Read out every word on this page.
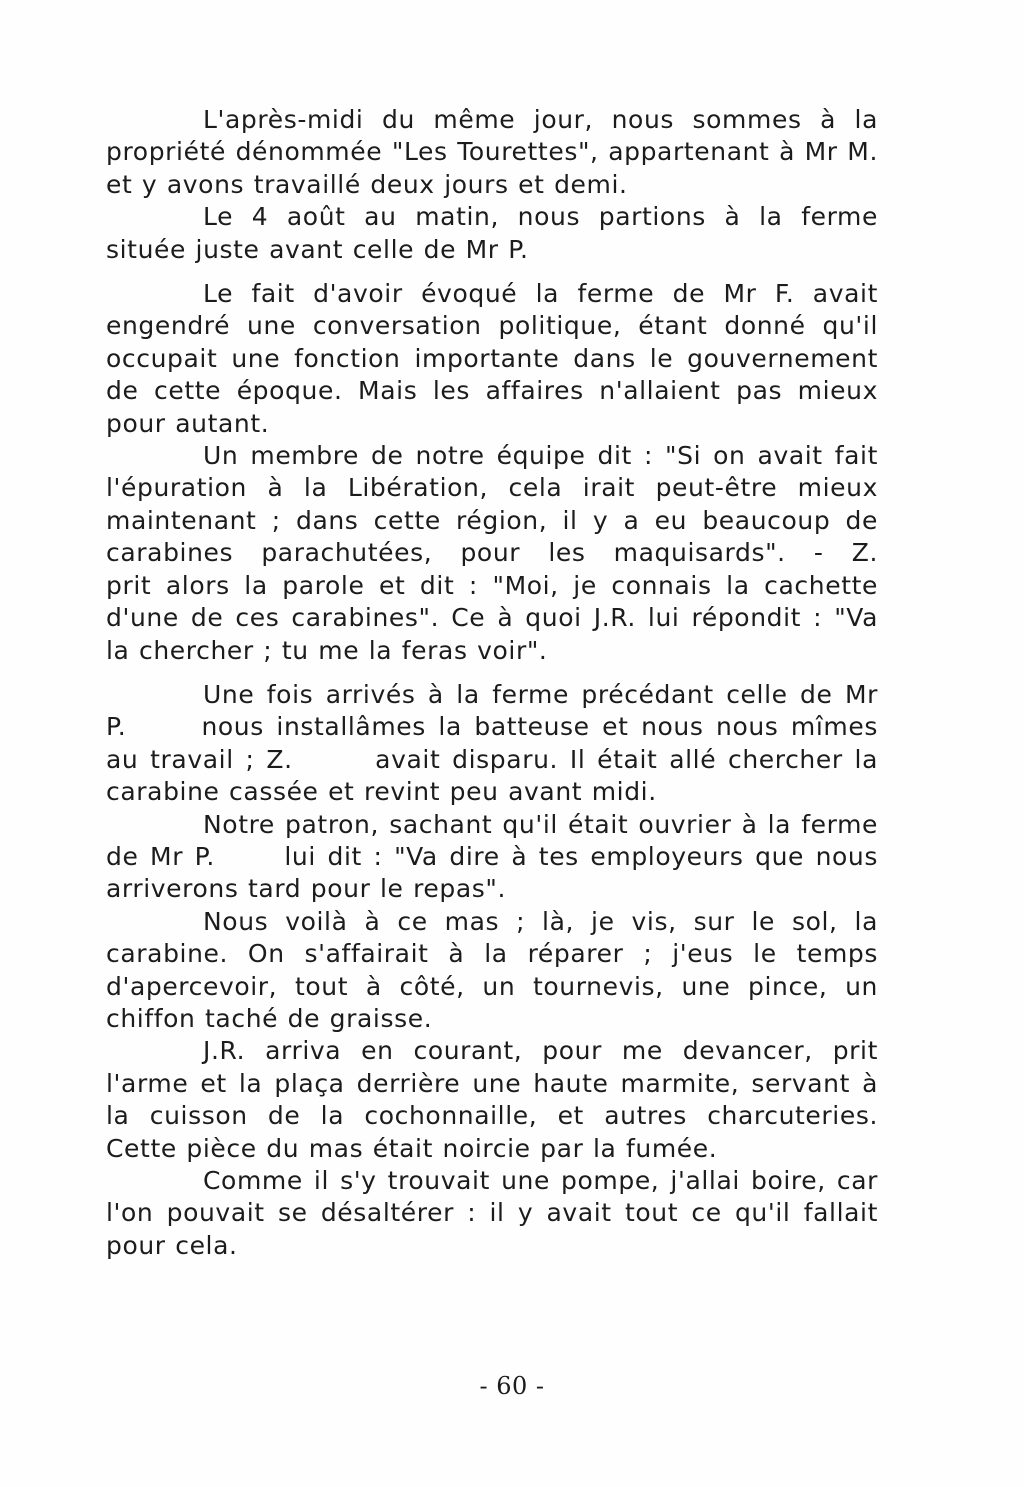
L'après-midi du même jour, nous sommes à la propriété dénommée "Les Tourettes", appartenant à Mr M.       et y avons travaillé deux jours et demi.

Le 4 août au matin, nous partions à la ferme située juste avant celle de Mr P.

Le fait d'avoir évoqué la ferme de Mr F. avait engendré une conversation politique, étant donné qu'il occupait une fonction importante dans le gouvernement de cette époque. Mais les affaires n'allaient pas mieux pour autant.

Un membre de notre équipe dit : "Si on avait fait l'épuration à la Libération, cela irait peut-être mieux maintenant ; dans cette région, il y a eu beaucoup de carabines parachutées, pour les maquisards". - Z.       prit alors la parole et dit : "Moi, je connais la cachette d'une de ces carabines". Ce à quoi J.R. lui répondit : "Va la chercher ; tu me la feras voir".

Une fois arrivés à la ferme précédant celle de Mr P.      nous installâmes la batteuse et nous nous mîmes au travail ; Z.       avait disparu. Il était allé chercher la carabine cassée et revint peu avant midi.

Notre patron, sachant qu'il était ouvrier à la ferme de Mr P.      lui dit : "Va dire à tes employeurs que nous arriverons tard pour le repas".

Nous voilà à ce mas ; là, je vis, sur le sol, la carabine. On s'affairait à la réparer ; j'eus le temps d'apercevoir, tout à côté, un tournevis, une pince, un chiffon taché de graisse.

J.R. arriva en courant, pour me devancer, prit l'arme et la plaça derrière une haute marmite, servant à la cuisson de la cochonnaille, et autres charcuteries. Cette pièce du mas était noircie par la fumée.

Comme il s'y trouvait une pompe, j'allai boire, car l'on pouvait se désaltérer : il y avait tout ce qu'il fallait pour cela.

- 60 -
